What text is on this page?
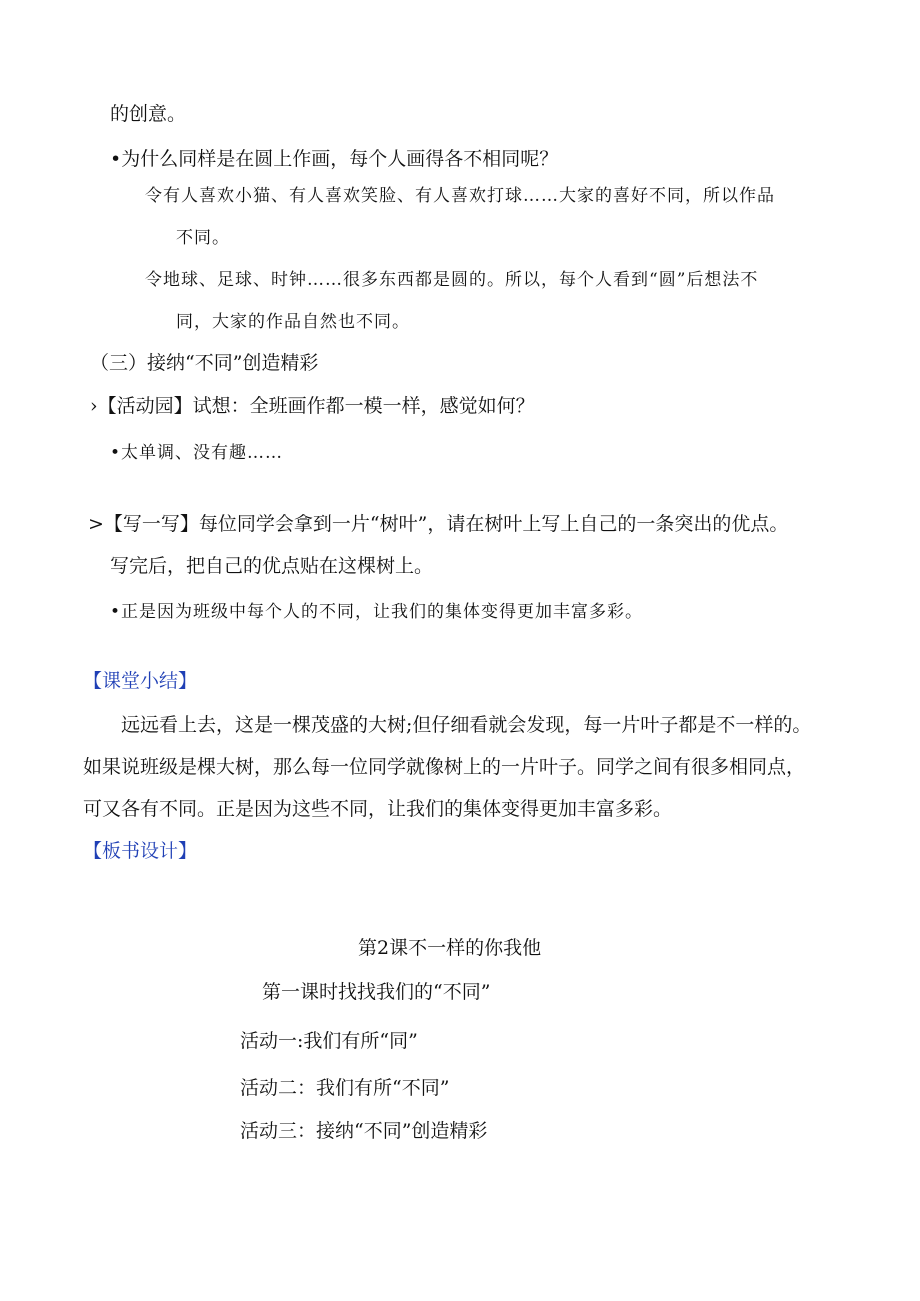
的创意。
•为什么同样是在圆上作画，每个人画得各不相同呢？
令有人喜欢小猫、有人喜欢笑脸、有人喜欢打球……大家的喜好不同，所以作品
不同。
令地球、足球、时钟……很多东西都是圆的。所以，每个人看到“圆”后想法不
同，大家的作品自然也不同。
（三）接纳“不同”创造精彩
›【活动园】试想：全班画作都一模一样，感觉如何？
•太单调、没有趣……
>【写一写】每位同学会拿到一片“树叶”，请在树叶上写上自己的一条突出的优点。
写完后，把自己的优点贴在这棵树上。
•正是因为班级中每个人的不同，让我们的集体变得更加丰富多彩。
【课堂小结】
远远看上去，这是一棵茂盛的大树;但仔细看就会发现，每一片叶子都是不一样的。
如果说班级是棵大树，那么每一位同学就像树上的一片叶子。同学之间有很多相同点，
可又各有不同。正是因为这些不同，让我们的集体变得更加丰富多彩。
【板书设计】
第2课不一样的你我他
第一课时找找我们的“不同”
活动一:我们有所“同”
活动二：我们有所“不同”
活动三：接纳“不同”创造精彩
